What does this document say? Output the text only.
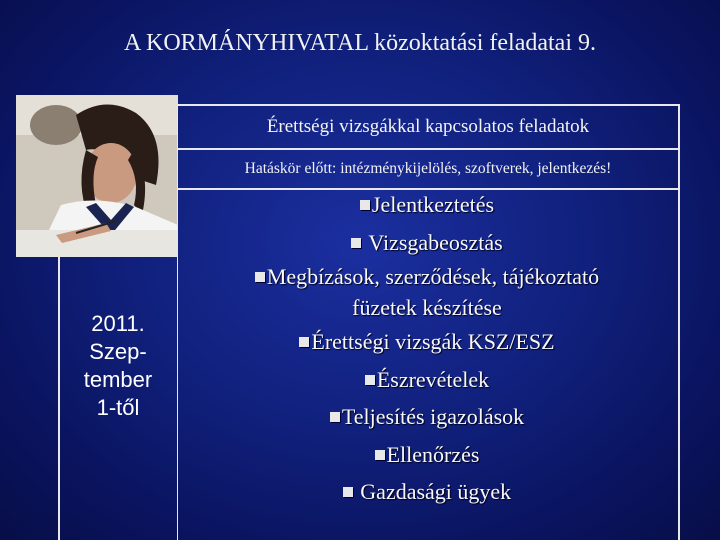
A KORMÁNYHIVATAL közoktatási feladatai 9.
2011.
Szep-
tember
1-től
Érettségi vizsgákkal kapcsolatos feladatok
Hatáskör előtt: intézménykijelölés, szoftverek, jelentkezés!
Jelentkeztetés
Vizsgabeosztás
Megbízások, szerződések, tájékoztató
füzetek készítése
Érettségi vizsgák KSZ/ESZ
Észrevételek
Teljesítés igazolások
Ellenőrzés
Gazdasági ügyek
